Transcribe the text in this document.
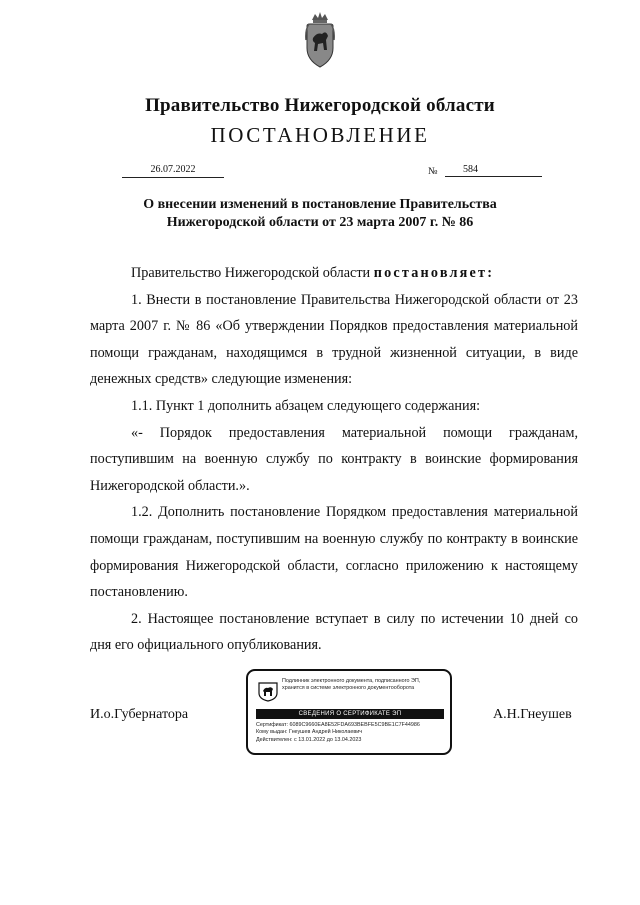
Правительство Нижегородской области
ПОСТАНОВЛЕНИЕ
26.07.2022	№	584
О внесении изменений в постановление Правительства
Нижегородской области от 23 марта 2007 г. № 86

Правительство Нижегородской области постановляет:

1. Внести в постановление Правительства Нижегородской области от 23 марта 2007 г. № 86 «Об утверждении Порядков предоставления материальной помощи гражданам, находящимся в трудной жизненной ситуации, в виде денежных средств» следующие изменения:

1.1. Пункт 1 дополнить абзацем следующего содержания:

«- Порядок предоставления материальной помощи гражданам, поступившим на военную службу по контракту в воинские формирования Нижегородской области.».

1.2. Дополнить постановление Порядком предоставления материальной помощи гражданам, поступившим на военную службу по контракту в воинские формирования Нижегородской области, согласно приложению к настоящему постановлению.

2. Настоящее постановление вступает в силу по истечении 10 дней со дня его официального опубликования.

И.о.Губернатора	А.Н.Гнеушев
Подлинник электронного документа, подписанного ЭП,
хранится в системе электронного документооборота
СВЕДЕНИЯ О СЕРТИФИКАТЕ ЭП
Сертификат: 6089C9660EA8E52FDA693BEBFE5C9BE1C7F44986
Кому выдан: Гнеушев Андрей Николаевич
Действителен: с 13.01.2022 до 13.04.2023
